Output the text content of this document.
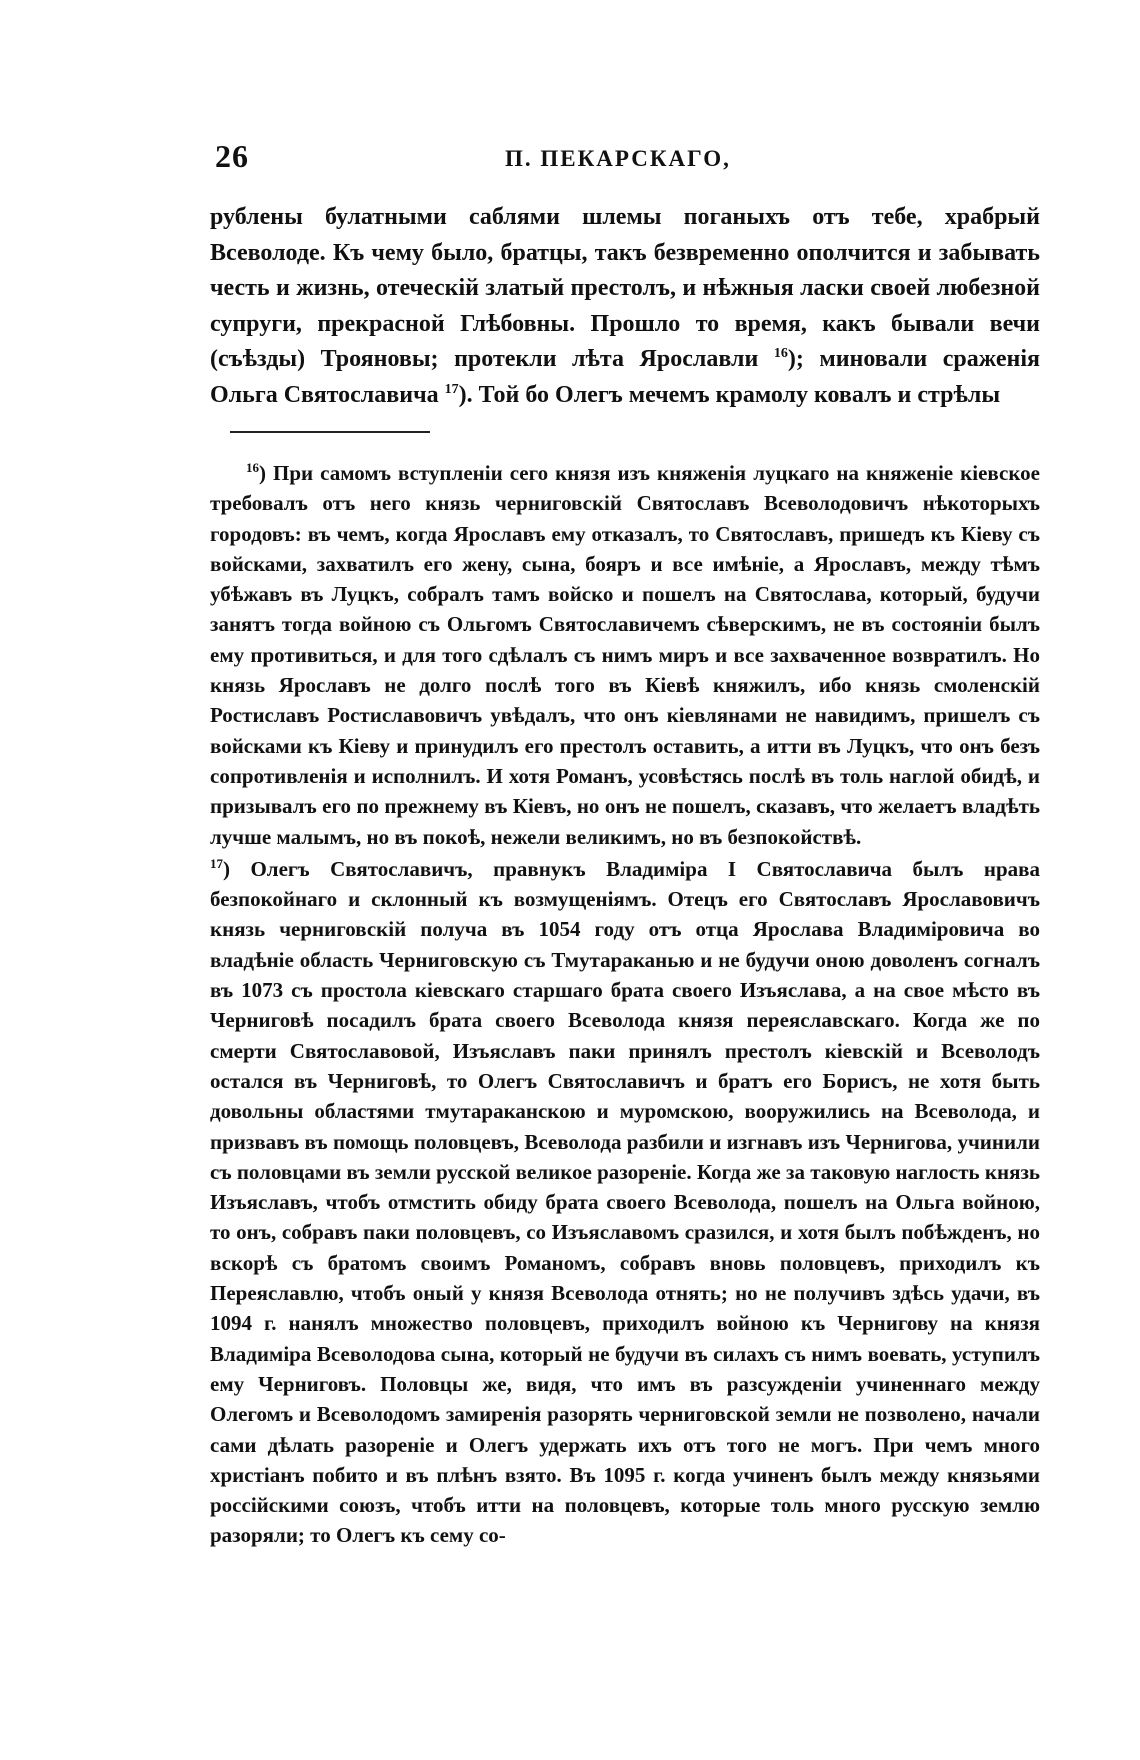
26	П. ПЕКАРСКАГО,

рублены булатными саблями шлемы поганыхъ отъ тебе, храбрый Всеволоде. Къ чему было, братцы, такъ безвременно ополчится и забывать честь и жизнь, отеческій златый престолъ, и нѣжныя ласки своей любезной супруги, прекрасной Глѣбовны. Прошло то время, какъ бывали вечи (съѣзды) Трояновы; протекли лѣта Ярославли $^{16}$); миновали сраженія Ольга Святославича $^{17}$). Той бо Олегъ мечемъ крамолу ковалъ и стрѣлы

$^{16}$) При самомъ вступленіи сего князя изъ княженія луцкаго на княженіе кіевское требовалъ отъ него князь черниговскій Святославъ Всеволодовичъ нѣкоторыхъ городовъ: въ чемъ, когда Ярославъ ему отказалъ, то Святославъ, пришедъ къ Кіеву съ войсками, захватилъ его жену, сына, бояръ и все имѣніе, а Ярославъ, между тѣмъ убѣжавъ въ Луцкъ, собралъ тамъ войско и пошелъ на Святослава, который, будучи занятъ тогда войною съ Ольгомъ Святославичемъ сѣверскимъ, не въ состояніи былъ ему противиться, и для того сдѣлалъ съ нимъ миръ и все захваченное возвратилъ. Но князь Ярославъ не долго послѣ того въ Кіевѣ княжилъ, ибо князь смоленскій Ростиславъ Ростиславовичъ увѣдалъ, что онъ кіевлянами не навидимъ, пришелъ съ войсками къ Кіеву и принудилъ его престолъ оставить, а итти въ Луцкъ, что онъ безъ сопротивленія и исполнилъ. И хотя Романъ, усовѣстясь послѣ въ толь наглой обидѣ, и призывалъ его по прежнему въ Кіевъ, но онъ не пошелъ, сказавъ, что желаетъ владѣть лучше малымъ, но въ покоѣ, нежели великимъ, но въ безпокойствѣ.

$^{17}$) Олегъ Святославичъ, правнукъ Владиміра I Святославича былъ нрава безпокойнаго и склонный къ возмущеніямъ. Отецъ его Святославъ Ярославовичъ князь черниговскій получа въ 1054 году отъ отца Ярослава Владиміровича во владѣніе область Черниговскую съ Тмутараканью и не будучи оною доволенъ согналъ въ 1073 съ простола кіевскаго старшаго брата своего Изъяслава, а на свое мѣсто въ Черниговѣ посадилъ брата своего Всеволода князя переяславскаго. Когда же по смерти Святославовой, Изъяславъ паки принялъ престолъ кіевскій и Всеволодъ остался въ Черниговѣ, то Олегъ Святославичъ и братъ его Борисъ, не хотя быть довольны областями тмутараканскою и муромскою, вооружились на Всеволода, и призвавъ въ помощь половцевъ, Всеволода разбили и изгнавъ изъ Чернигова, учинили съ половцами въ земли русской великое разореніе. Когда же за таковую наглость князь Изъяславъ, чтобъ отмстить обиду брата своего Всеволода, пошелъ на Ольга войною, то онъ, собравъ паки половцевъ, со Изъяславомъ сразился, и хотя былъ побѣжденъ, но вскорѣ съ братомъ своимъ Романомъ, собравъ вновь половцевъ, приходилъ къ Переяславлю, чтобъ оный у князя Всеволода отнять; но не получивъ здѣсь удачи, въ 1094 г. нанялъ множество половцевъ, приходилъ войною къ Чернигову на князя Владиміра Всеволодова сына, который не будучи въ силахъ съ нимъ воевать, уступилъ ему Черниговъ. Половцы же, видя, что имъ въ разсужденіи учиненнаго между Олегомъ и Всеволодомъ замиренія разорять черниговской земли не позволено, начали сами дѣлать разореніе и Олегъ удержать ихъ отъ того не могъ. При чемъ много христіанъ побито и въ плѣнъ взято. Въ 1095 г. когда учиненъ былъ между князьями россійскими союзъ, чтобъ итти на половцевъ, которые толь много русскую землю разоряли; то Олегъ къ сему со-
